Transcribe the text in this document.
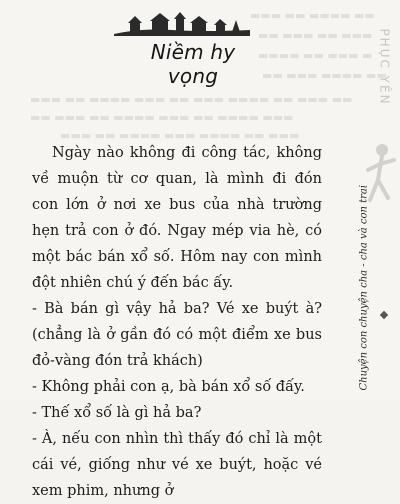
▬▬▬ ▬▬ ▬▬▬▬ ▬▬
▬▬ ▬▬▬ ▬▬ ▬▬▬
▬▬▬▬ ▬▬ ▬▬▬ ▬
▬▬ ▬▬▬ ▬▬▬▬ ▬▬
▬▬▬ ▬▬ ▬▬▬▬ ▬▬▬ ▬▬ ▬▬▬ ▬▬▬▬ ▬▬ ▬▬▬ ▬▬
▬▬ ▬▬▬ ▬▬ ▬▬▬▬ ▬▬▬ ▬▬ ▬▬▬▬ ▬▬▬
▬▬▬ ▬▬ ▬▬▬▬ ▬▬▬ ▬▬▬▬ ▬▬ ▬▬▬
Niềm hy vọng

Ngày nào không đi công tác, không về muộn từ cơ quan, là mình đi đón con lớn ở nơi xe bus của nhà trường hẹn trả con ở đó. Ngay mép via hè, có một bác bán xổ số. Hôm nay con mình đột nhiên chú ý đến bác ấy.

- Bà bán gì vậy hả ba? Vé xe buýt à? (chẳng là ở gần đó có một điểm xe bus đỏ-vàng đón trả khách)

- Không phải con ạ, bà bán xổ số đấy.

- Thế xổ số là gì hả ba?

- À, nếu con nhìn thì thấy đó chỉ là một cái vé, giống như vé xe buýt, hoặc vé xem phim, nhưng ở

PHỤC YÊN
Chuyện con chuyện cha - cha và con trai
